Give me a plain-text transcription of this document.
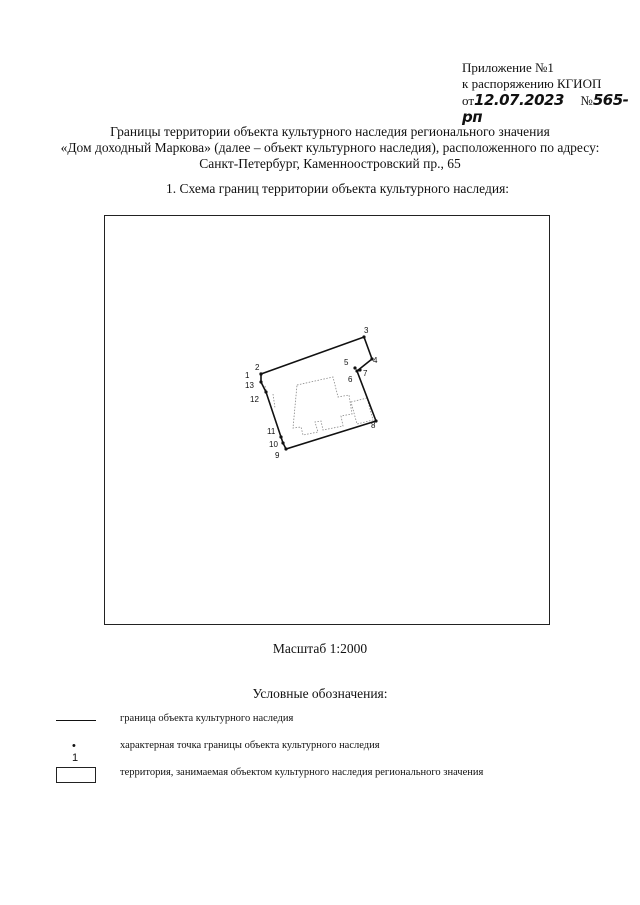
Приложение №1
к распоряжению КГИОП
от12.07.2023 №565-рп
Границы территории объекта культурного наследия регионального значения
«Дом доходный Маркова» (далее – объект культурного наследия), расположенного по адресу:
Санкт-Петербург, Каменноостровский пр., 65
1. Схема границ территории объекта культурного наследия:
1
2
3
4
5
6
7
8
9
10
11
12
13
Масштаб 1:2000
Условные обозначения:
граница объекта культурного наследия
• 1
характерная точка границы объекта культурного наследия
территория, занимаемая объектом культурного наследия регионального значения
